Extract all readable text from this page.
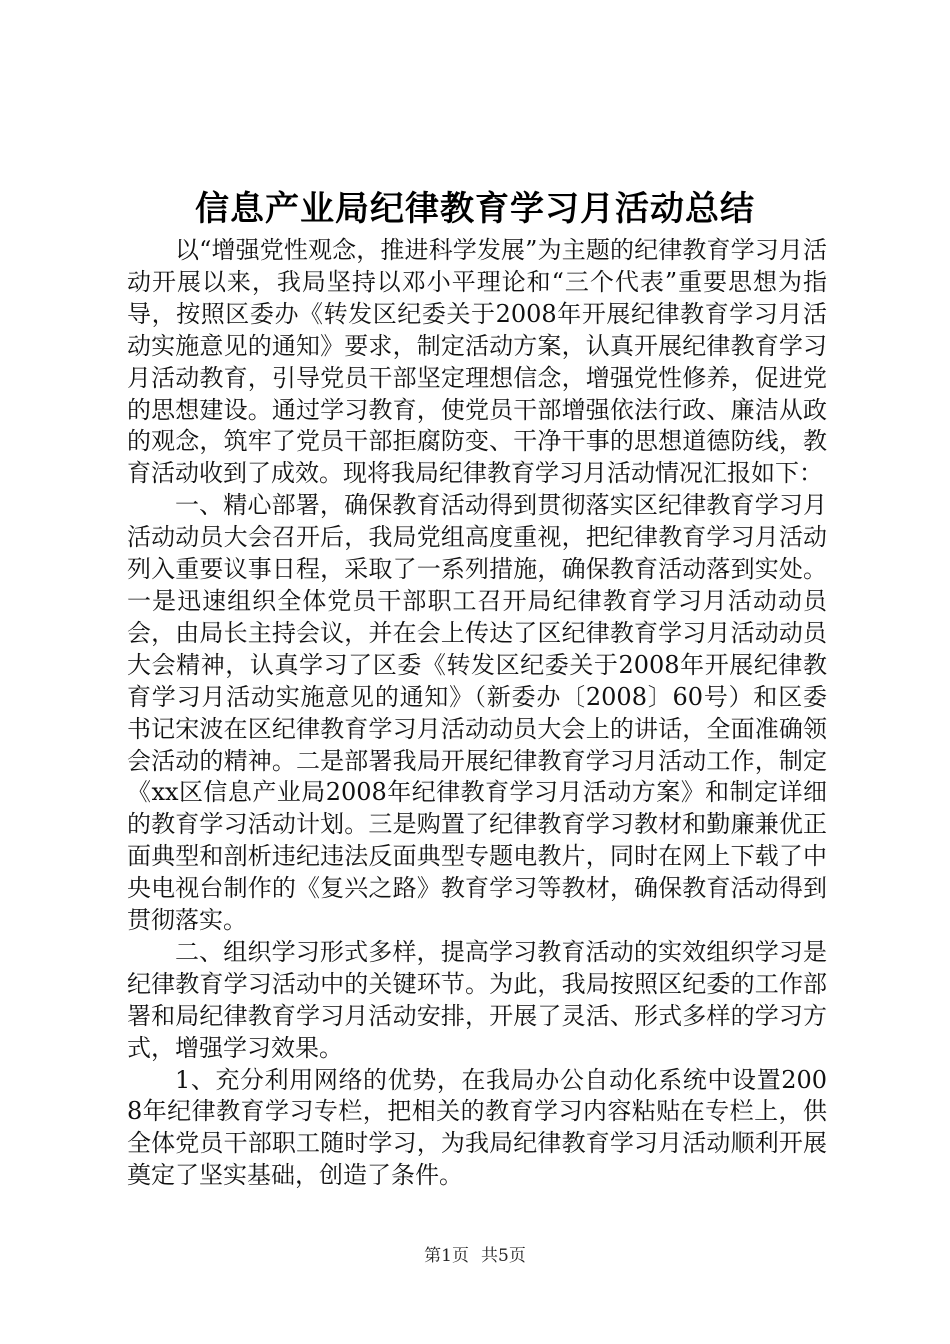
信息产业局纪律教育学习月活动总结

以“增强党性观念，推进科学发展”为主题的纪律教育学习月活动开展以来，我局坚持以邓小平理论和“三个代表”重要思想为指导，按照区委办《转发区纪委关于2008年开展纪律教育学习月活动实施意见的通知》要求，制定活动方案，认真开展纪律教育学习月活动教育，引导党员干部坚定理想信念，增强党性修养，促进党的思想建设。通过学习教育，使党员干部增强依法行政、廉洁从政的观念，筑牢了党员干部拒腐防变、干净干事的思想道德防线，教育活动收到了成效。现将我局纪律教育学习月活动情况汇报如下：

一、精心部署，确保教育活动得到贯彻落实区纪律教育学习月活动动员大会召开后，我局党组高度重视，把纪律教育学习月活动列入重要议事日程，采取了一系列措施，确保教育活动落到实处。一是迅速组织全体党员干部职工召开局纪律教育学习月活动动员会，由局长主持会议，并在会上传达了区纪律教育学习月活动动员大会精神，认真学习了区委《转发区纪委关于2008年开展纪律教育学习月活动实施意见的通知》（新委办〔2008〕60号）和区委书记宋波在区纪律教育学习月活动动员大会上的讲话，全面准确领会活动的精神。二是部署我局开展纪律教育学习月活动工作，制定《xx区信息产业局2008年纪律教育学习月活动方案》和制定详细的教育学习活动计划。三是购置了纪律教育学习教材和勤廉兼优正面典型和剖析违纪违法反面典型专题电教片，同时在网上下载了中央电视台制作的《复兴之路》教育学习等教材，确保教育活动得到贯彻落实。

二、组织学习形式多样，提高学习教育活动的实效组织学习是纪律教育学习活动中的关键环节。为此，我局按照区纪委的工作部署和局纪律教育学习月活动安排，开展了灵活、形式多样的学习方式，增强学习效果。

1、充分利用网络的优势，在我局办公自动化系统中设置2008年纪律教育学习专栏，把相关的教育学习内容粘贴在专栏上，供全体党员干部职工随时学习，为我局纪律教育学习月活动顺利开展奠定了坚实基础，创造了条件。

第1页 共5页
